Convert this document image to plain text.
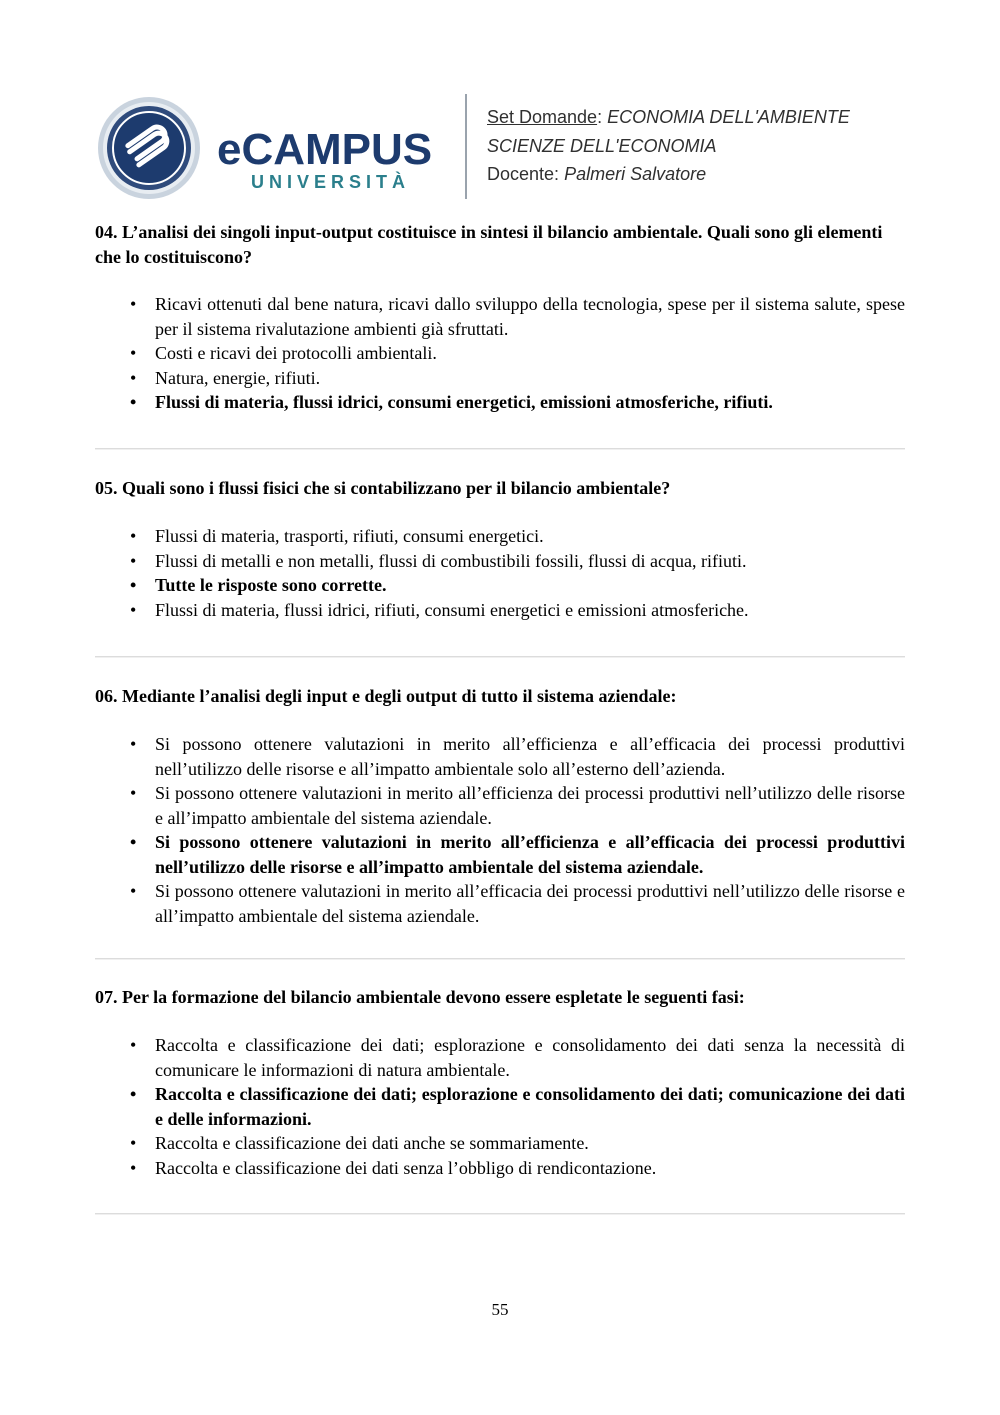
eCAMPUS
UNIVERSITÀ
Set Domande: ECONOMIA DELL'AMBIENTE
SCIENZE DELL'ECONOMIA
Docente: Palmeri Salvatore

04. L’analisi dei singoli input-output costituisce in sintesi il bilancio ambientale. Quali sono gli elementi che lo costituiscono?

• Ricavi ottenuti dal bene natura, ricavi dallo sviluppo della tecnologia, spese per il sistema salute, spese per il sistema rivalutazione ambienti già sfruttati.
• Costi e ricavi dei protocolli ambientali.
• Natura, energie, rifiuti.
• Flussi di materia, flussi idrici, consumi energetici, emissioni atmosferiche, rifiuti.

05. Quali sono i flussi fisici che si contabilizzano per il bilancio ambientale?

• Flussi di materia, trasporti, rifiuti, consumi energetici.
• Flussi di metalli e non metalli, flussi di combustibili fossili, flussi di acqua, rifiuti.
• Tutte le risposte sono corrette.
• Flussi di materia, flussi idrici, rifiuti, consumi energetici e emissioni atmosferiche.

06. Mediante l’analisi degli input e degli output di tutto il sistema aziendale:

• Si possono ottenere valutazioni in merito all’efficienza e all’efficacia dei processi produttivi nell’utilizzo delle risorse e all’impatto ambientale solo all’esterno dell’azienda.
• Si possono ottenere valutazioni in merito all’efficienza dei processi produttivi nell’utilizzo delle risorse e all’impatto ambientale del sistema aziendale.
• Si possono ottenere valutazioni in merito all’efficienza e all’efficacia dei processi produttivi nell’utilizzo delle risorse e all’impatto ambientale del sistema aziendale.
• Si possono ottenere valutazioni in merito all’efficacia dei processi produttivi nell’utilizzo delle risorse e all’impatto ambientale del sistema aziendale.

07. Per la formazione del bilancio ambientale devono essere espletate le seguenti fasi:

• Raccolta e classificazione dei dati; esplorazione e consolidamento dei dati senza la necessità di comunicare le informazioni di natura ambientale.
• Raccolta e classificazione dei dati; esplorazione e consolidamento dei dati; comunicazione dei dati e delle informazioni.
• Raccolta e classificazione dei dati anche se sommariamente.
• Raccolta e classificazione dei dati senza l’obbligo di rendicontazione.
55
